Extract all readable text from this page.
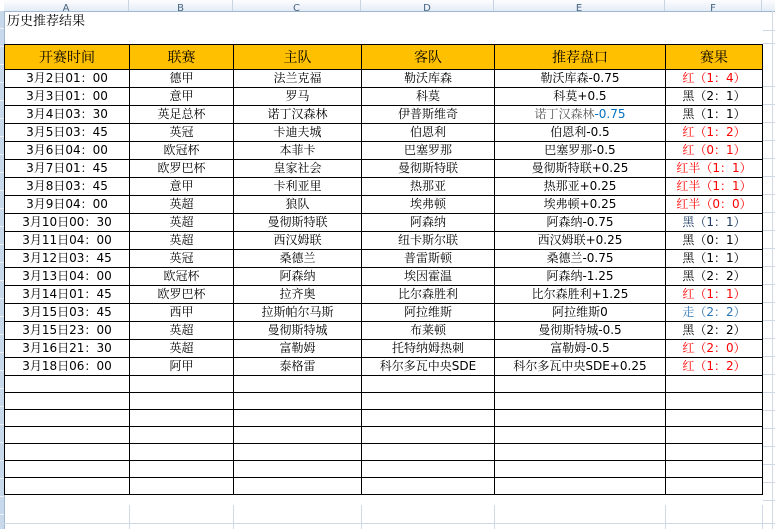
A	B	C	D	E	F
历史推荐结果
开赛时间	联赛	主队	客队	推荐盘口	赛果
3月2日01：00	德甲	法兰克福	勒沃库森	勒沃库森-0.75	红（1：4）
3月3日01：00	意甲	罗马	科莫	科莫+0.5	黑（2：1）
3月4日03：30	英足总杯	诺丁汉森林	伊普斯维奇	诺丁汉森林-0.75	黑（1：1）
3月5日03：45	英冠	卡迪夫城	伯恩利	伯恩利-0.5	红（1：2）
3月6日04：00	欧冠杯	本菲卡	巴塞罗那	巴塞罗那-0.5	红（0：1）
3月7日01：45	欧罗巴杯	皇家社会	曼彻斯特联	曼彻斯特联+0.25	红半（1：1）
3月8日03：45	意甲	卡利亚里	热那亚	热那亚+0.25	红半（1：1）
3月9日04：00	英超	狼队	埃弗顿	埃弗顿+0.25	红半（0：0）
3月10日00：30	英超	曼彻斯特联	阿森纳	阿森纳-0.75	黑（1：1）
3月11日04：00	英超	西汉姆联	纽卡斯尔联	西汉姆联+0.25	黑（0：1）
3月12日03：45	英冠	桑德兰	普雷斯顿	桑德兰-0.75	黑（1：1）
3月13日04：00	欧冠杯	阿森纳	埃因霍温	阿森纳-1.25	黑（2：2）
3月14日01：45	欧罗巴杯	拉齐奥	比尔森胜利	比尔森胜利+1.25	红（1：1）
3月15日03：45	西甲	拉斯帕尔马斯	阿拉维斯	阿拉维斯0	走（2：2）
3月15日23：00	英超	曼彻斯特城	布莱顿	曼彻斯特城-0.5	黑（2：2）
3月16日21：30	英超	富勒姆	托特纳姆热刺	富勒姆-0.5	红（2：0）
3月18日06：00	阿甲	泰格雷	科尔多瓦中央SDE	科尔多瓦中央SDE+0.25	红（1：2）
